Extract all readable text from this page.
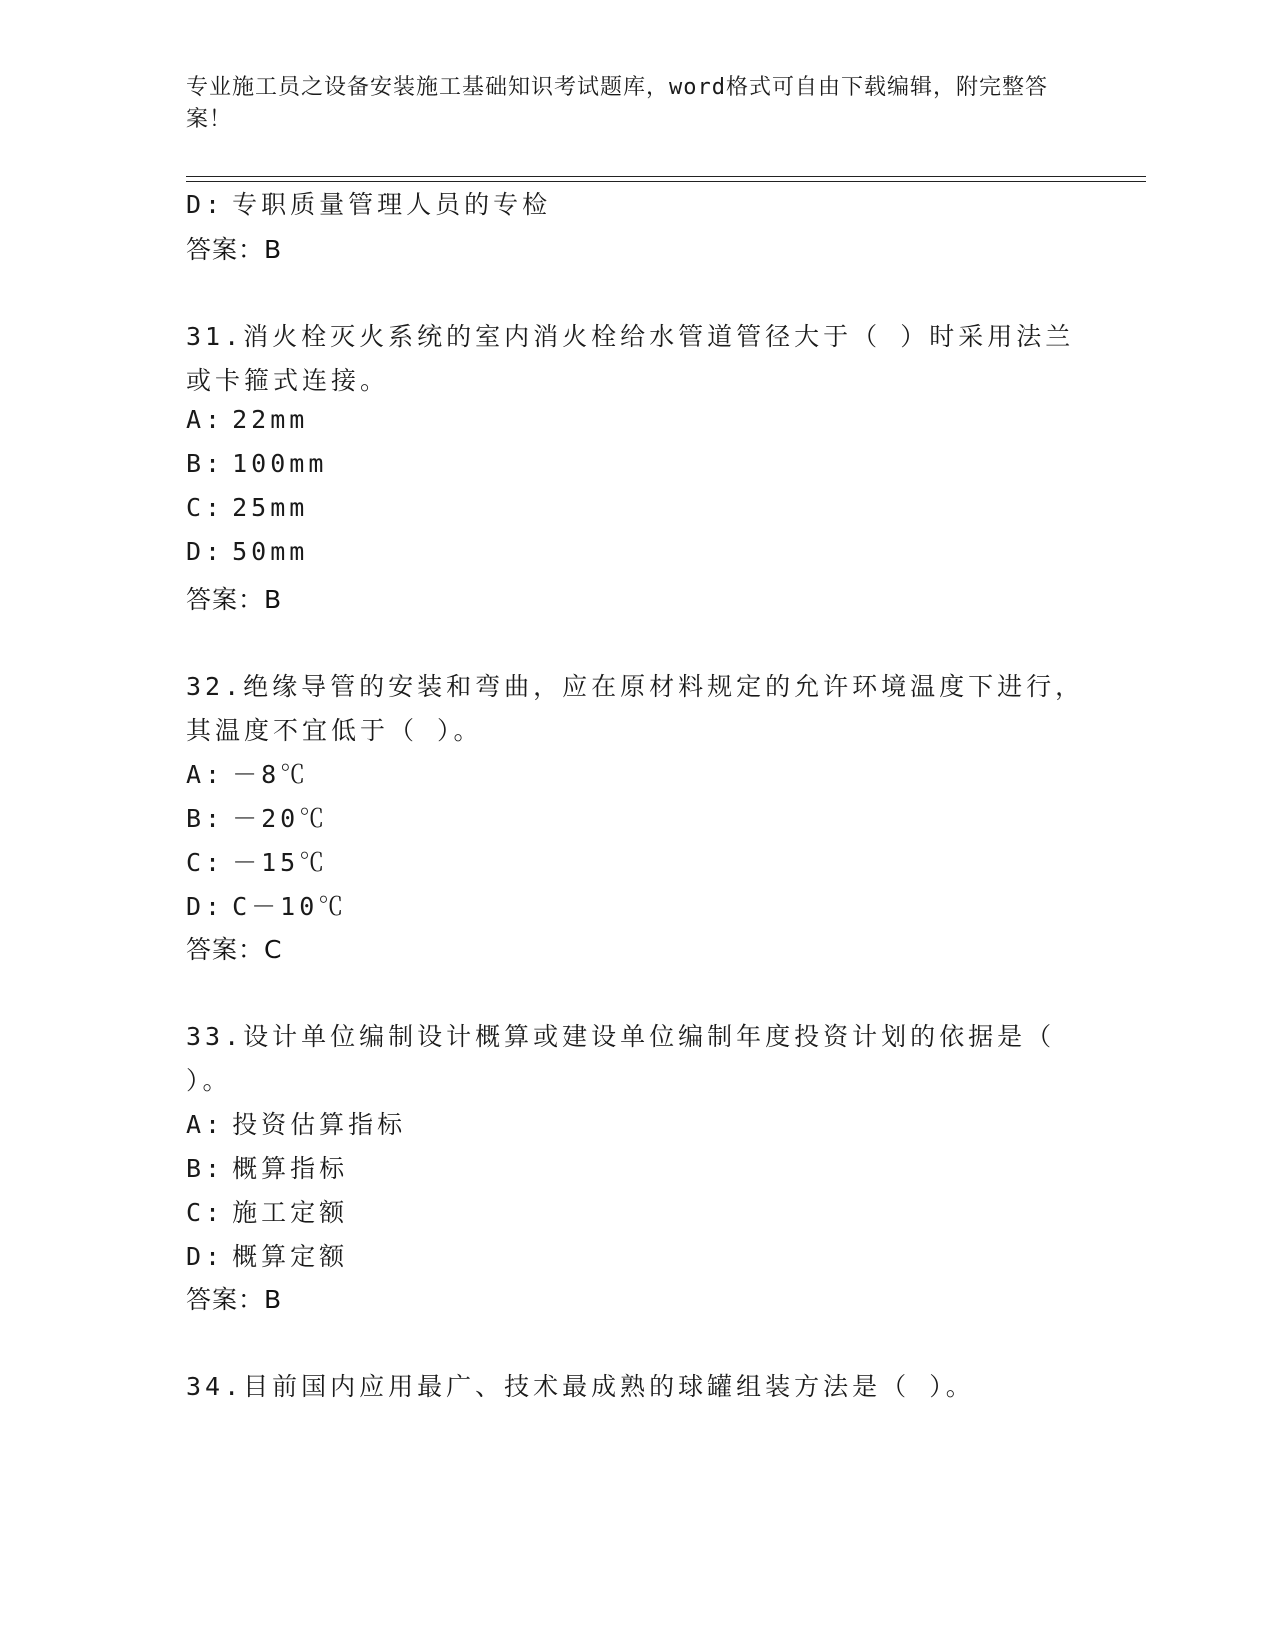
专业施工员之设备安装施工基础知识考试题库，word格式可自由下载编辑，附完整答案！
D: 专职质量管理人员的专检
答案：B
31.消火栓灭火系统的室内消火栓给水管道管径大于（ ）时采用法兰
或卡箍式连接。
A: 22mm
B: 100mm
C: 25mm
D: 50mm
答案：B
32.绝缘导管的安装和弯曲，应在原材料规定的允许环境温度下进行，
其温度不宜低于（ ）。
A: －8℃
B: －20℃
C: －15℃
D: C－10℃
答案：C
33.设计单位编制设计概算或建设单位编制年度投资计划的依据是（
）。
A: 投资估算指标
B: 概算指标
C: 施工定额
D: 概算定额
答案：B
34.目前国内应用最广、技术最成熟的球罐组装方法是（ ）。
